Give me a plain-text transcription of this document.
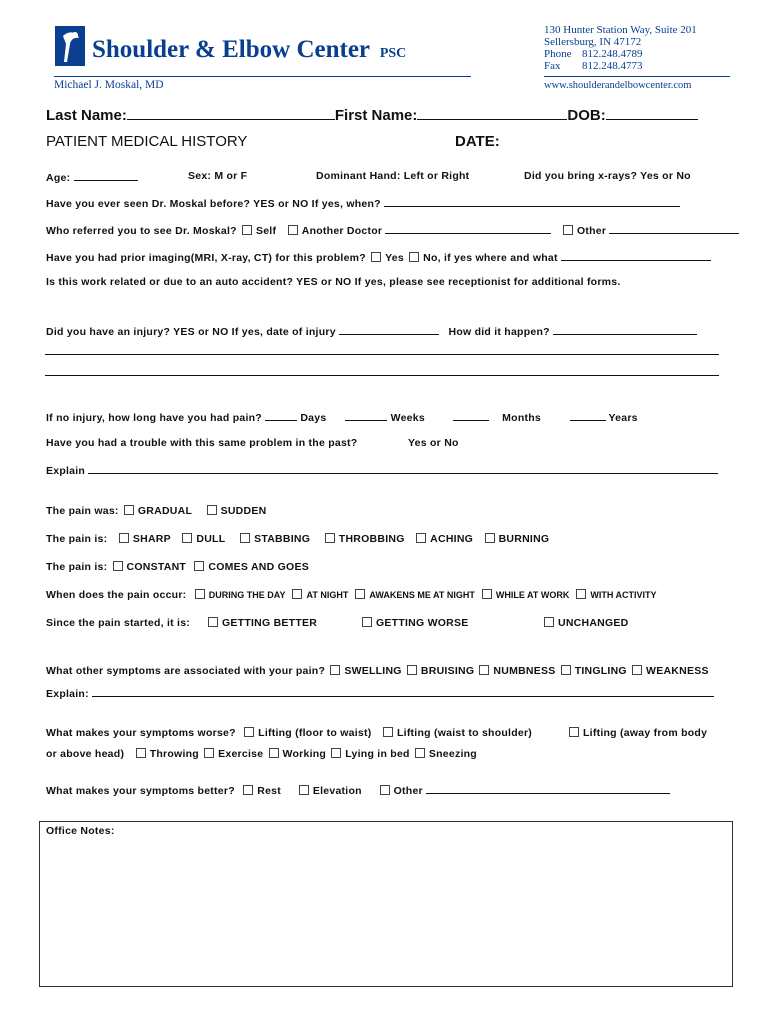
Shoulder & Elbow Center PSC
Michael J. Moskal, MD
130 Hunter Station Way, Suite 201
Sellersburg, IN 47172
Phone 812.248.4789
Fax 812.248.4773
www.shoulderandelbowcenter.com
Last Name:	First Name:	DOB:
PATIENT MEDICAL HISTORY	DATE:
Age:	Sex: M or F	Dominant Hand: Left or Right	Did you bring x-rays? Yes or No
Have you ever seen Dr. Moskal before? YES or NO If yes, when?
Who referred you to see Dr. Moskal? Self Another Doctor	Other
Have you had prior imaging(MRI, X-ray, CT) for this problem? Yes No, if yes where and what
Is this work related or due to an auto accident? YES or NO If yes, please see receptionist for additional forms.
Did you have an injury? YES or NO If yes, date of injury	How did it happen?
If no injury, how long have you had pain?	Days	Weeks	Months	Years
Have you had a trouble with this same problem in the past?	Yes or No
Explain
The pain was: GRADUAL	SUDDEN
The pain is: SHARP DULL	STABBING	THROBBING ACHING BURNING
The pain is: CONSTANT COMES AND GOES
When does the pain occur: DURING THE DAY AT NIGHT AWAKENS ME AT NIGHT WHILE AT WORK WITH ACTIVITY
Since the pain started, it is:	GETTING BETTER	GETTING WORSE	UNCHANGED
What other symptoms are associated with your pain? SWELLING BRUISING NUMBNESS TINGLING WEAKNESS
Explain:
What makes your symptoms worse? Lifting (floor to waist) Lifting (waist to shoulder)	Lifting (away from body
or above head) Throwing Exercise Working Lying in bed Sneezing
What makes your symptoms better? Rest	Elevation	Other
Office Notes:
